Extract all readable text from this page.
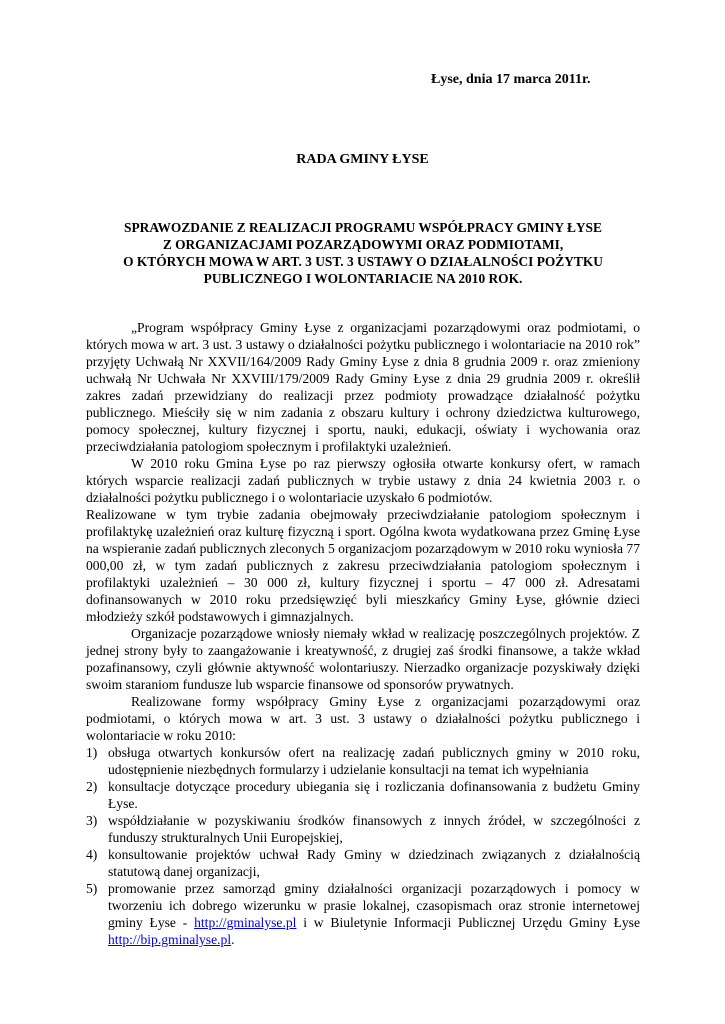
Łyse, dnia 17 marca 2011r.
RADA GMINY ŁYSE
SPRAWOZDANIE Z REALIZACJI PROGRAMU WSPÓŁPRACY GMINY ŁYSE
Z ORGANIZACJAMI POZARZĄDOWYMI ORAZ PODMIOTAMI,
O KTÓRYCH MOWA W ART. 3 UST. 3 USTAWY O DZIAŁALNOŚCI POŻYTKU
PUBLICZNEGO I WOLONTARIACIE NA 2010 ROK.

„Program współpracy Gminy Łyse z organizacjami pozarządowymi oraz podmiotami, o których mowa w art. 3 ust. 3 ustawy o działalności pożytku publicznego i wolontariacie na 2010 rok” przyjęty Uchwałą Nr XXVII/164/2009 Rady Gminy Łyse z dnia 8 grudnia 2009 r. oraz zmieniony uchwałą Nr Uchwała Nr XXVIII/179/2009 Rady Gminy Łyse z dnia 29 grudnia 2009 r. określił zakres zadań przewidziany do realizacji przez podmioty prowadzące działalność pożytku publicznego. Mieściły się w nim zadania z obszaru kultury i ochrony dziedzictwa kulturowego, pomocy społecznej, kultury fizycznej i sportu, nauki, edukacji, oświaty i wychowania oraz przeciwdziałania patologiom społecznym i profilaktyki uzależnień.

W 2010 roku Gmina Łyse po raz pierwszy ogłosiła otwarte konkursy ofert, w ramach których wsparcie realizacji zadań publicznych w trybie ustawy z dnia 24 kwietnia 2003 r. o działalności pożytku publicznego i o wolontariacie uzyskało 6 podmiotów.

Realizowane w tym trybie zadania obejmowały przeciwdziałanie patologiom społecznym i profilaktykę uzależnień oraz kulturę fizyczną i sport. Ogólna kwota wydatkowana przez Gminę Łyse na wspieranie zadań publicznych zleconych 5 organizacjom pozarządowym w 2010 roku wyniosła 77 000,00 zł, w tym zadań publicznych z zakresu przeciwdziałania patologiom społecznym i profilaktyki uzależnień – 30 000 zł, kultury fizycznej i sportu – 47 000 zł. Adresatami dofinansowanych w 2010 roku przedsięwzięć byli mieszkańcy Gminy Łyse, głównie dzieci młodzieży szkół podstawowych i gimnazjalnych.

Organizacje pozarządowe wniosły niemały wkład w realizację poszczególnych projektów. Z jednej strony były to zaangażowanie i kreatywność, z drugiej zaś środki finansowe, a także wkład pozafinansowy, czyli głównie aktywność wolontariuszy. Nierzadko organizacje pozyskiwały dzięki swoim staraniom fundusze lub wsparcie finansowe od sponsorów prywatnych.

Realizowane formy współpracy Gminy Łyse z organizacjami pozarządowymi oraz podmiotami, o których mowa w art. 3 ust. 3 ustawy o działalności pożytku publicznego i wolontariacie w roku 2010:

1) obsługa otwartych konkursów ofert na realizację zadań publicznych gminy w 2010 roku, udostępnienie niezbędnych formularzy i udzielanie konsultacji na temat ich wypełniania
2) konsultacje dotyczące procedury ubiegania się i rozliczania dofinansowania z budżetu Gminy Łyse.
3) współdziałanie w pozyskiwaniu środków finansowych z innych źródeł, w szczególności z funduszy strukturalnych Unii Europejskiej,
4) konsultowanie projektów uchwał Rady Gminy w dziedzinach związanych z działalnością statutową danej organizacji,
5) promowanie przez samorząd gminy działalności organizacji pozarządowych i pomocy w tworzeniu ich dobrego wizerunku w prasie lokalnej, czasopismach oraz stronie internetowej gminy Łyse - http://gminalyse.pl i w Biuletynie Informacji Publicznej Urzędu Gminy Łyse http://bip.gminalyse.pl.
